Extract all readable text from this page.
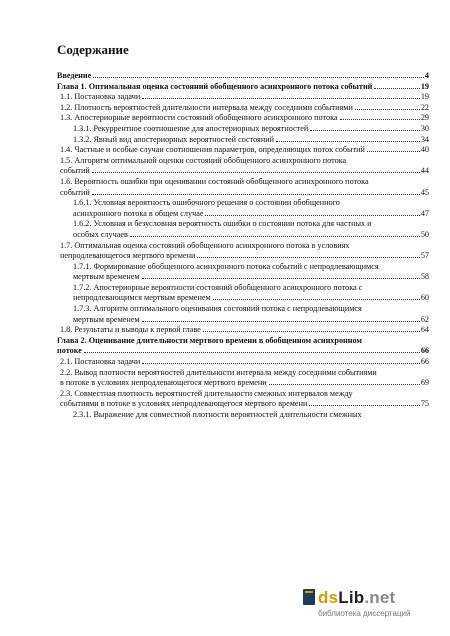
Содержание
Введение	4
Глава 1. Оптимальная оценка состояний обобщенного асинхронного потока событий	19
1.1. Постановка задачи	19
1.2. Плотность вероятностей длительности интервала между соседними событиями	22
1.3. Апостериорные вероятности состояний обобщенного асинхронного потока	29
1.3.1. Рекуррентное соотношение для апостериорных вероятностей	30
1.3.2. Явный вид апостериорных вероятностей состояний	34
1.4. Частные и особые случаи соотношения параметров, определяющих поток событий	40
1.5. Алгоритм оптимальной оценки состояний обобщенного асинхронного потока
событий	44
1.6. Вероятность ошибки при оценивании состояний обобщенного асинхронного потока
событий	45
1.6.1. Условная вероятность ошибочного решения о состоянии обобщенного
асинхронного потока в общем случае	47
1.6.2. Условная и безусловная вероятность ошибки о состоянии потока для частных и
особых случаев	50
1.7. Оптимальная оценка состояний обобщенного асинхронного потока в условиях
непродлевающегося мертвого времени	57
1.7.1. Формирование обобщенного асинхронного потока событий с непродлевающимся
мертвым временем	58
1.7.2. Апостериорные вероятности состояний обобщенного асинхронного потока с
непродлевающимся мертвым временем	60
1.7.3. Алгоритм оптимального оценивания состояний потока с непродлевающимся
мертвым временем	62
1.8. Результаты и выводы к первой главе	64
Глава 2. Оценивание длительности мертвого времени в обобщенном асинхронном
потоке	66
2.1. Постановка задачи	66
2.2. Вывод плотности вероятностей длительности интервала между соседними событиями
в потоке в условиях непродлевающегося мертвого времени	69
2.3. Совместная плотность вероятностей длительности смежных интервалов между
событиями в потоке в условиях непродлевающегося мертвого времени	75
2.3.1. Выражение для совместной плотности вероятностей длительности смежных
dsLib.net
библиотека диссертаций
